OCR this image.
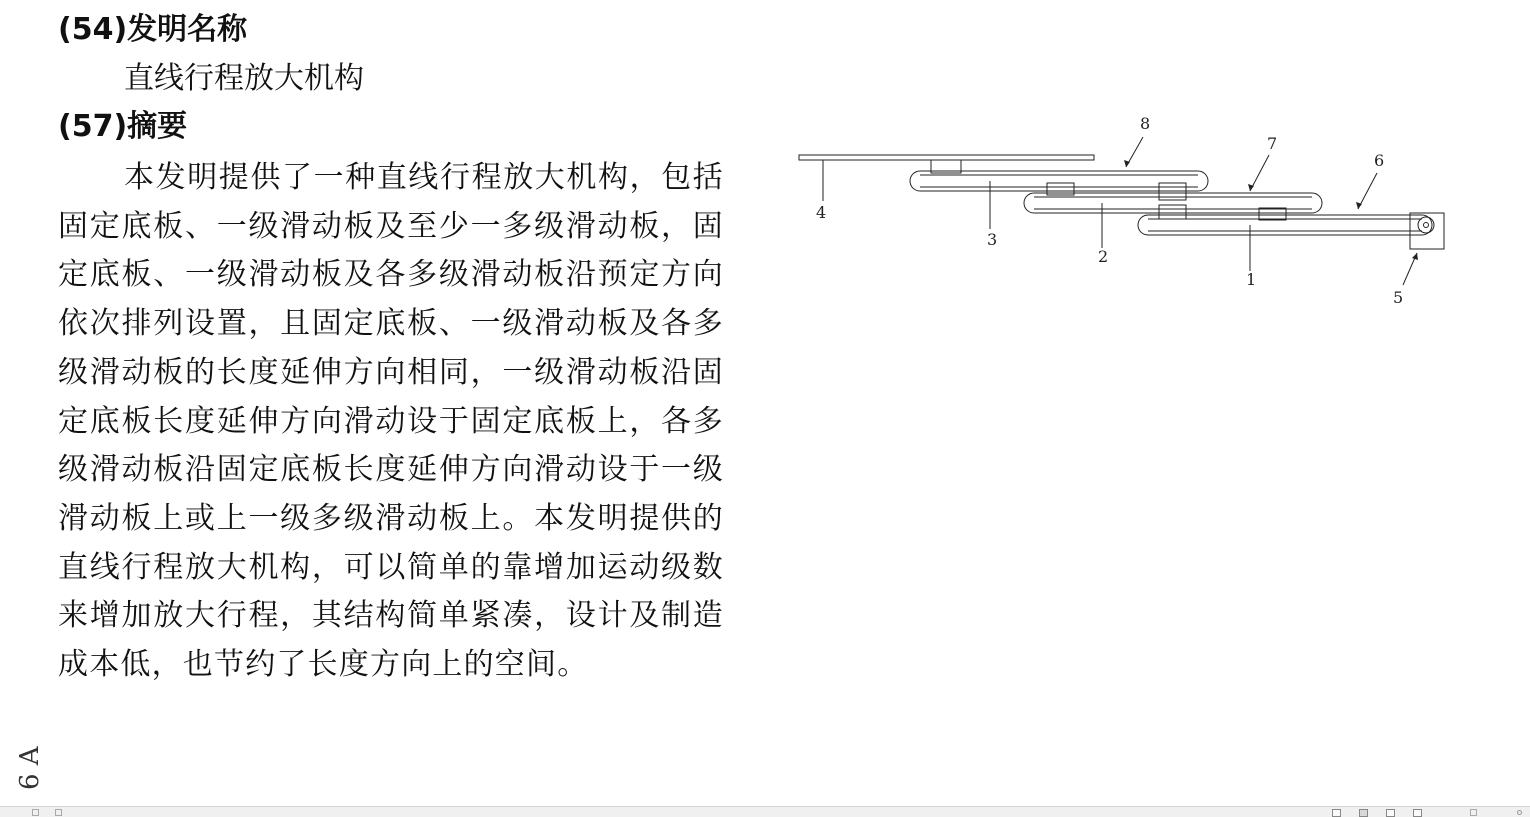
(54)发明名称
直线行程放大机构
(57)摘要

本发明提供了一种直线行程放大机构，包括固定底板、一级滑动板及至少一多级滑动板，固定底板、一级滑动板及各多级滑动板沿预定方向依次排列设置，且固定底板、一级滑动板及各多级滑动板的长度延伸方向相同，一级滑动板沿固定底板长度延伸方向滑动设于固定底板上，各多级滑动板沿固定底板长度延伸方向滑动设于一级滑动板上或上一级多级滑动板上。本发明提供的直线行程放大机构，可以简单的靠增加运动级数来增加放大行程，其结构简单紧凑，设计及制造成本低，也节约了长度方向上的空间。

8
7
6
4
3
2
1
5
6 A
